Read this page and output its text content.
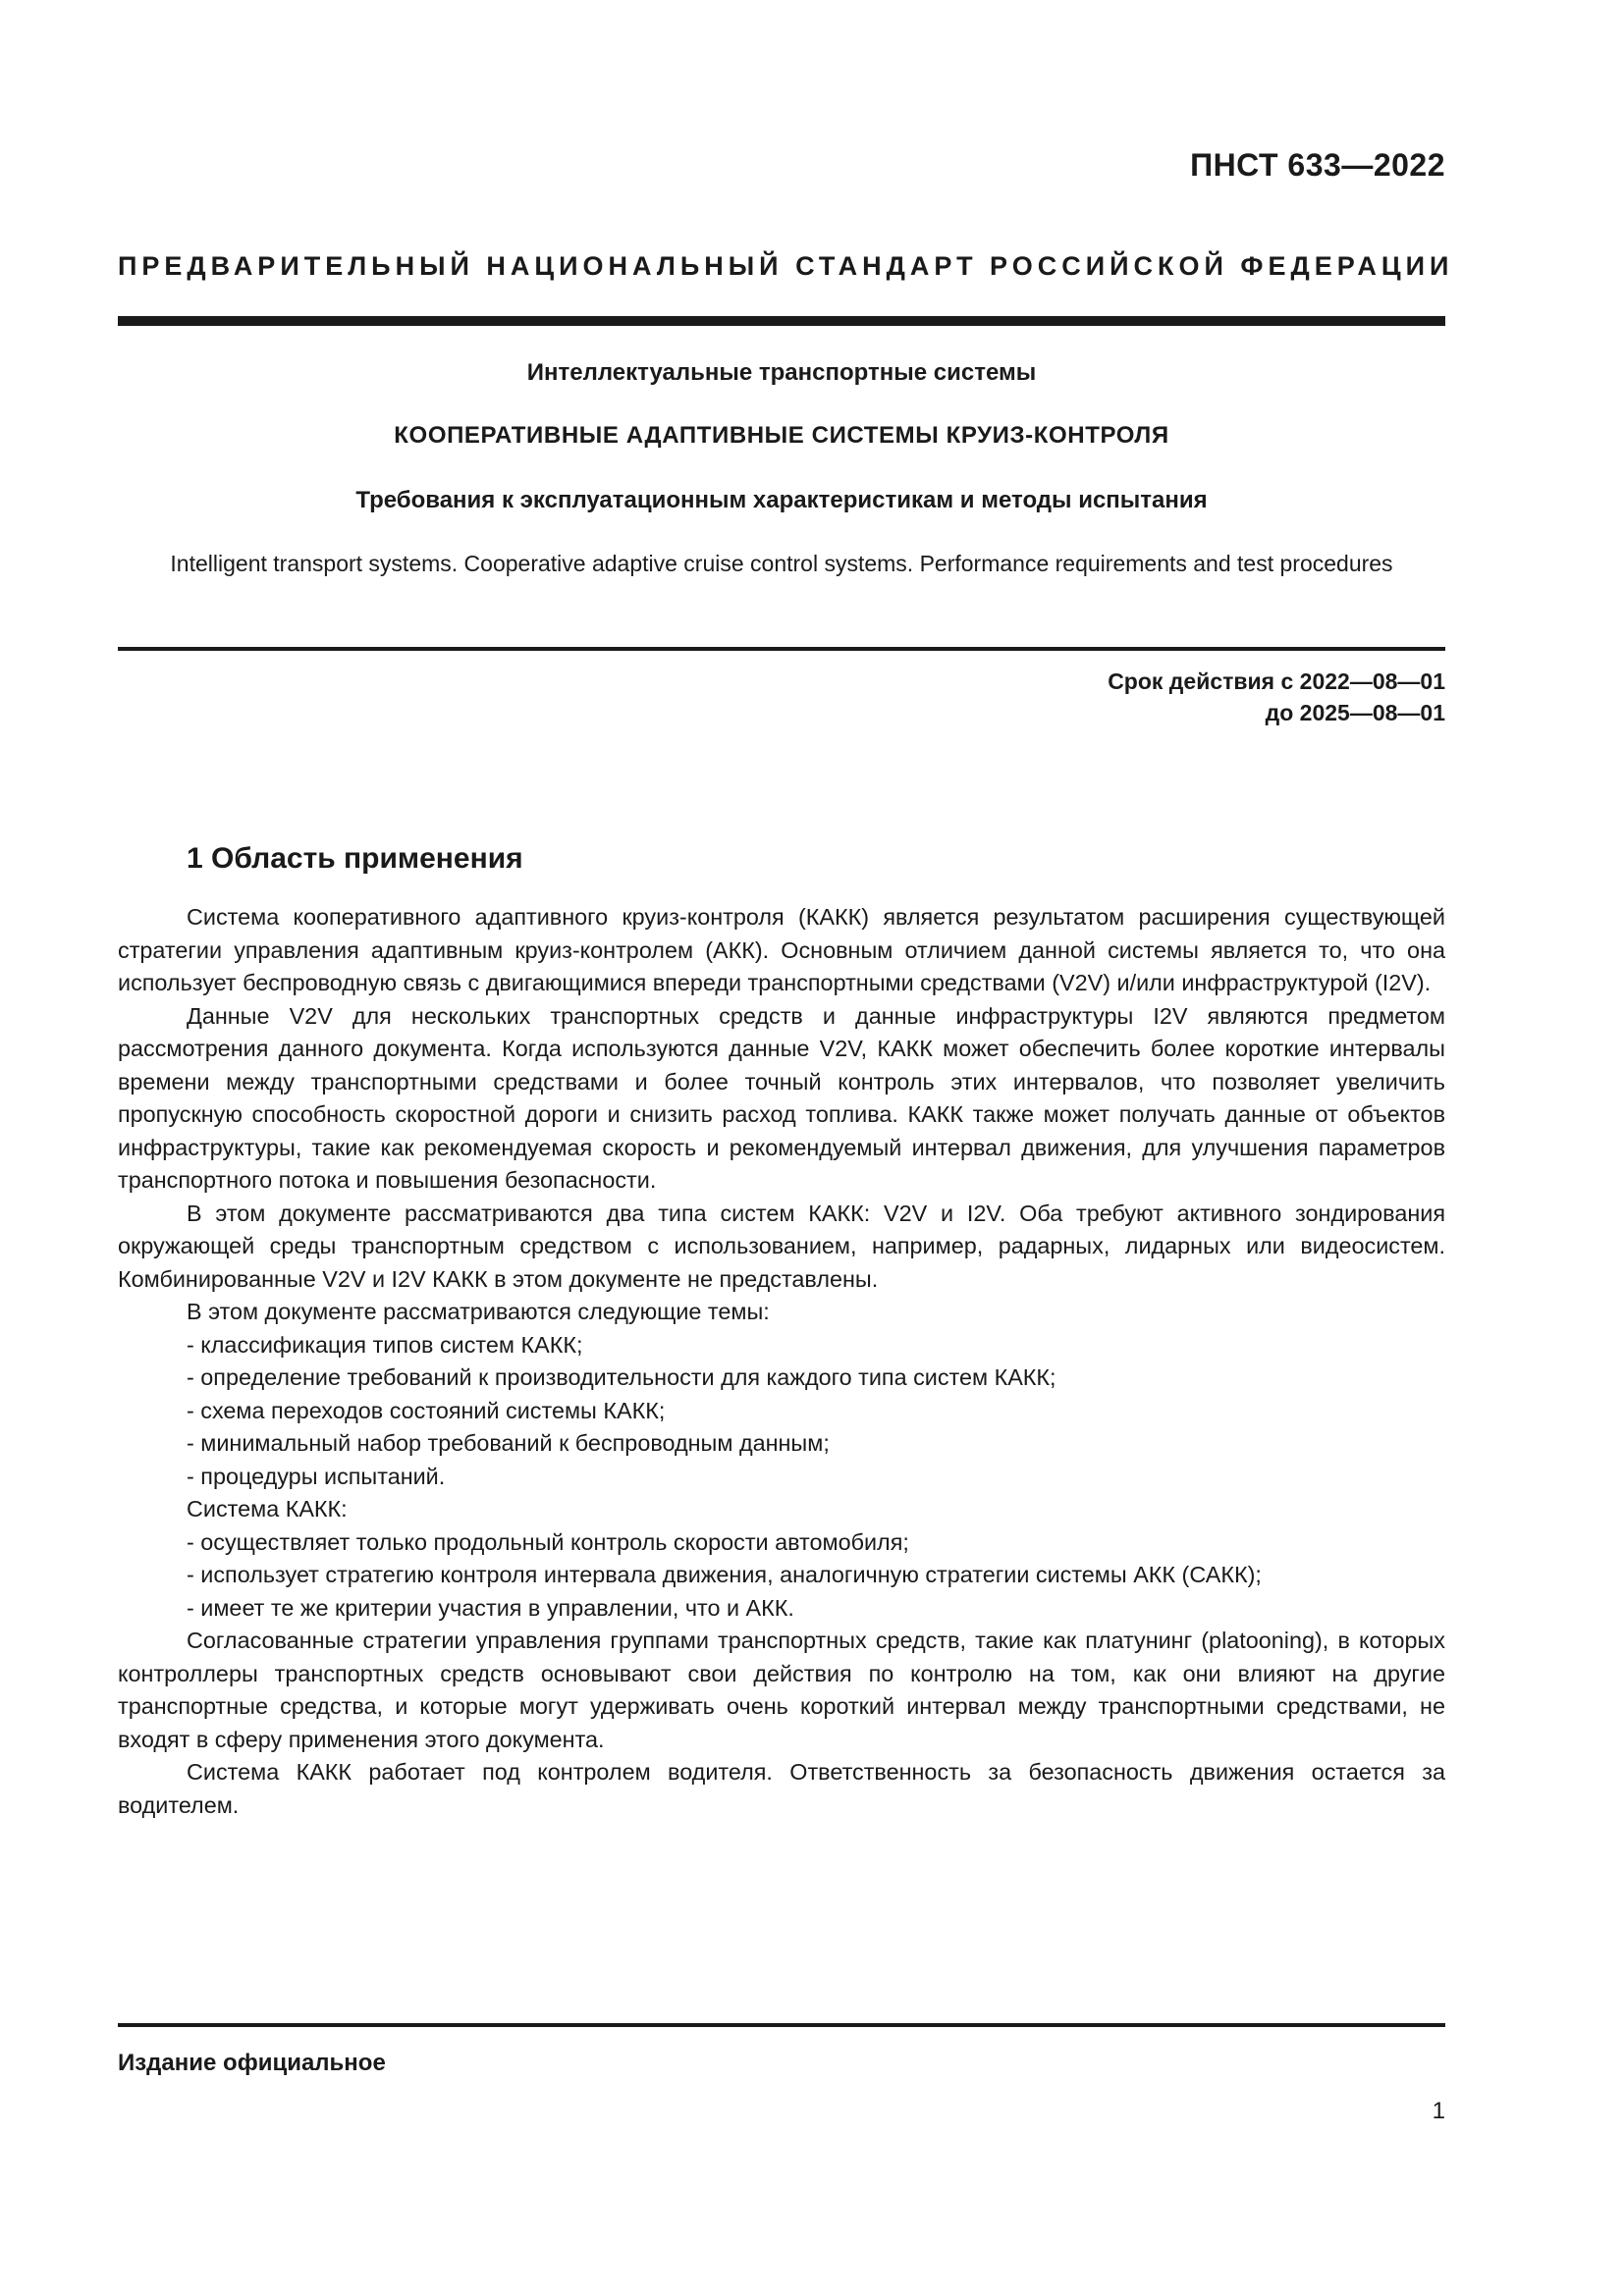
ПНСТ 633—2022
ПРЕДВАРИТЕЛЬНЫЙ НАЦИОНАЛЬНЫЙ СТАНДАРТ РОССИЙСКОЙ ФЕДЕРАЦИИ
Интеллектуальные транспортные системы
КООПЕРАТИВНЫЕ АДАПТИВНЫЕ СИСТЕМЫ КРУИЗ-КОНТРОЛЯ
Требования к эксплуатационным характеристикам и методы испытания
Intelligent transport systems. Cooperative adaptive cruise control systems. Performance requirements and test procedures
Срок действия с 2022—08—01
до 2025—08—01
1 Область применения

Система кооперативного адаптивного круиз-контроля (КАКК) является результатом расширения существующей стратегии управления адаптивным круиз-контролем (АКК). Основным отличием данной системы является то, что она использует беспроводную связь с двигающимися впереди транспортными средствами (V2V) и/или инфраструктурой (I2V).

Данные V2V для нескольких транспортных средств и данные инфраструктуры I2V являются предметом рассмотрения данного документа. Когда используются данные V2V, КАКК может обеспечить более короткие интервалы времени между транспортными средствами и более точный контроль этих интервалов, что позволяет увеличить пропускную способность скоростной дороги и снизить расход топлива. КАКК также может получать данные от объектов инфраструктуры, такие как рекомендуемая скорость и рекомендуемый интервал движения, для улучшения параметров транспортного потока и повышения безопасности.

В этом документе рассматриваются два типа систем КАКК: V2V и I2V. Оба требуют активного зондирования окружающей среды транспортным средством с использованием, например, радарных, лидарных или видеосистем. Комбинированные V2V и I2V КАКК в этом документе не представлены.

В этом документе рассматриваются следующие темы:

- классификация типов систем КАКК;

- определение требований к производительности для каждого типа систем КАКК;

- схема переходов состояний системы КАКК;

- минимальный набор требований к беспроводным данным;

- процедуры испытаний.

Система КАКК:

- осуществляет только продольный контроль скорости автомобиля;

- использует стратегию контроля интервала движения, аналогичную стратегии системы АКК (САКК);

- имеет те же критерии участия в управлении, что и АКК.

Согласованные стратегии управления группами транспортных средств, такие как платунинг (platooning), в которых контроллеры транспортных средств основывают свои действия по контролю на том, как они влияют на другие транспортные средства, и которые могут удерживать очень короткий интервал между транспортными средствами, не входят в сферу применения этого документа.

Система КАКК работает под контролем водителя. Ответственность за безопасность движения остается за водителем.

Издание официальное
1
